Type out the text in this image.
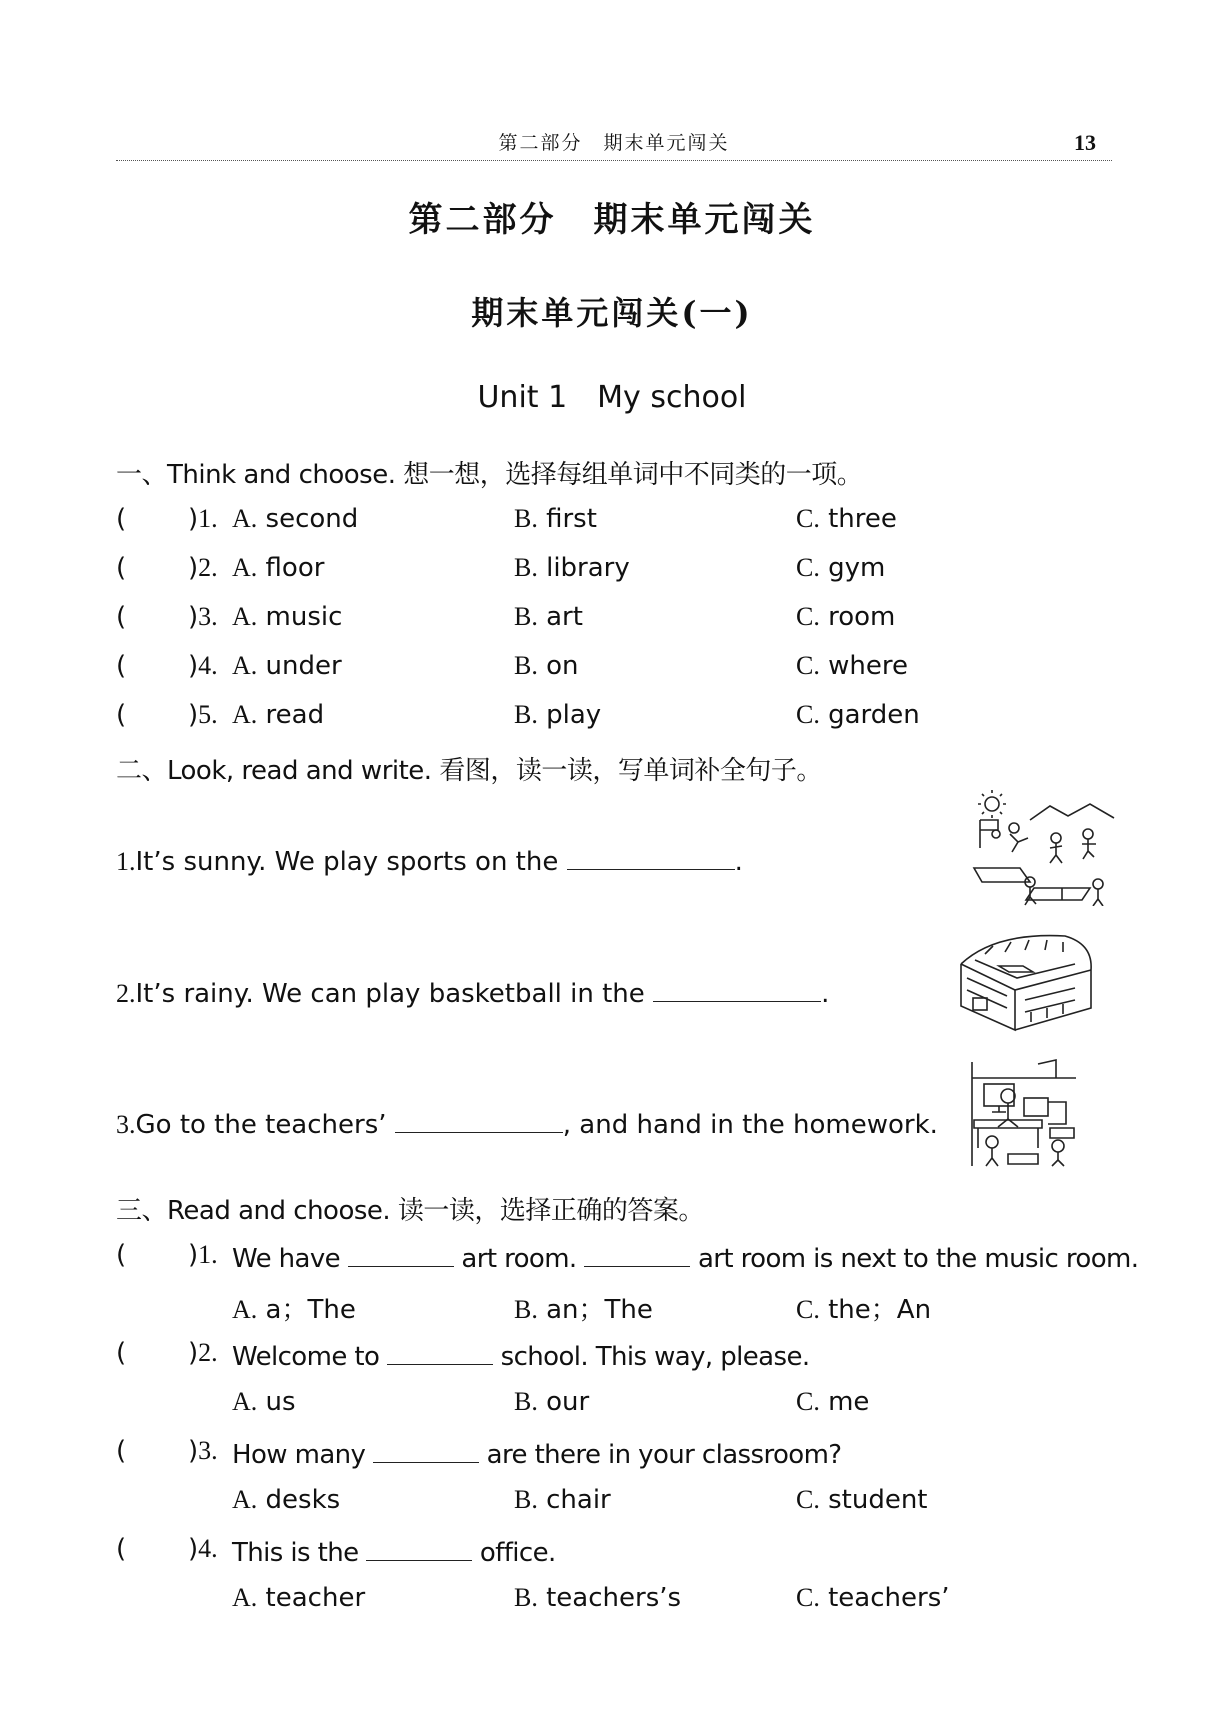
第二部分　期末单元闯关	13
第二部分　期末单元闯关
期末单元闯关(一)
Unit 1　My school
一、Think and choose. 想一想，选择每组单词中不同类的一项。
( )1. A. second	B. first	C. three
( )2. A. floor	B. library	C. gym
( )3. A. music	B. art	C. room
( )4. A. under	B. on	C. where
( )5. A. read	B. play	C. garden
二、Look, read and write. 看图，读一读，写单词补全句子。
1.It’s sunny. We play sports on the	.
2.It’s rainy. We can play basketball in the	.
3.Go to the teachers’	, and hand in the homework.
三、Read and choose. 读一读，选择正确的答案。
( )1. We have	art room.	art room is next to the music room.
A. a；The	B. an；The	C. the；An
( )2. Welcome to	school. This way, please.
A. us	B. our	C. me
( )3. How many	are there in your classroom?
A. desks	B. chair	C. student
( )4. This is the	office.
A. teacher	B. teachers’s	C. teachers’
